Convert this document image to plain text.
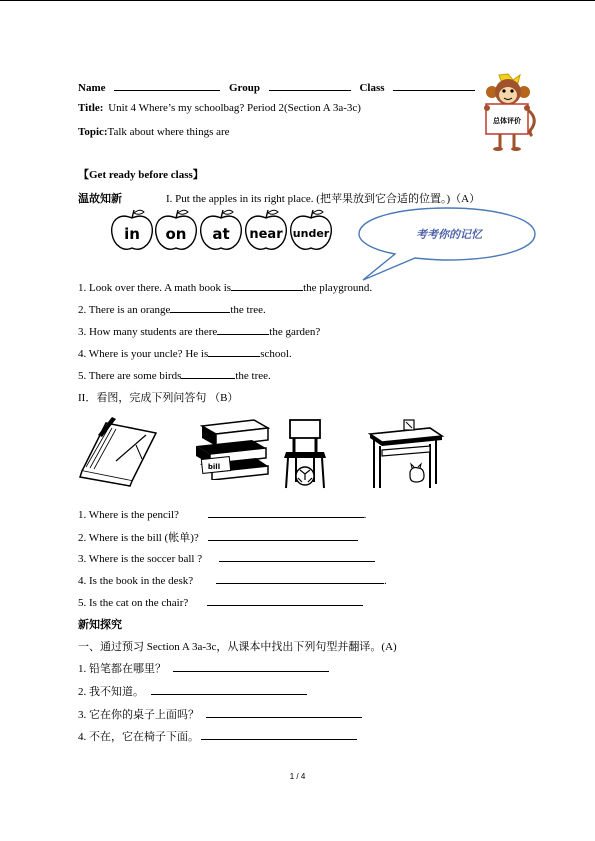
Name	Group	Class
Title: Unit 4 Where’s my schoolbag? Period 2(Section A 3a-3c)
Topic:Talk about where things are
总体评价
【Get ready before class】
温故知新	I. Put the apples in its right place. (把苹果放到它合适的位置。)（A）
in on at near under	考考你的记忆
1. Look over there. A math book is	the playground.
2. There is an orange	the tree.
3. How many students are there	the garden?
4. Where is your uncle? He is	school.
5. There are some birds	the tree.
II．看图，完成下列问答句 （B）
bill
1. Where is the pencil?	.
2. Where is the bill (帐单)?
3. Where is the soccer ball ?
4. Is the book in the desk?	.
5. Is the cat on the chair?
新知探究
一、通过预习 Section A 3a-3c，从课本中找出下列句型并翻译。(A)
1. 铅笔都在哪里？
2. 我不知道。
3. 它在你的桌子上面吗？
4. 不在，它在椅子下面。
1 / 4
